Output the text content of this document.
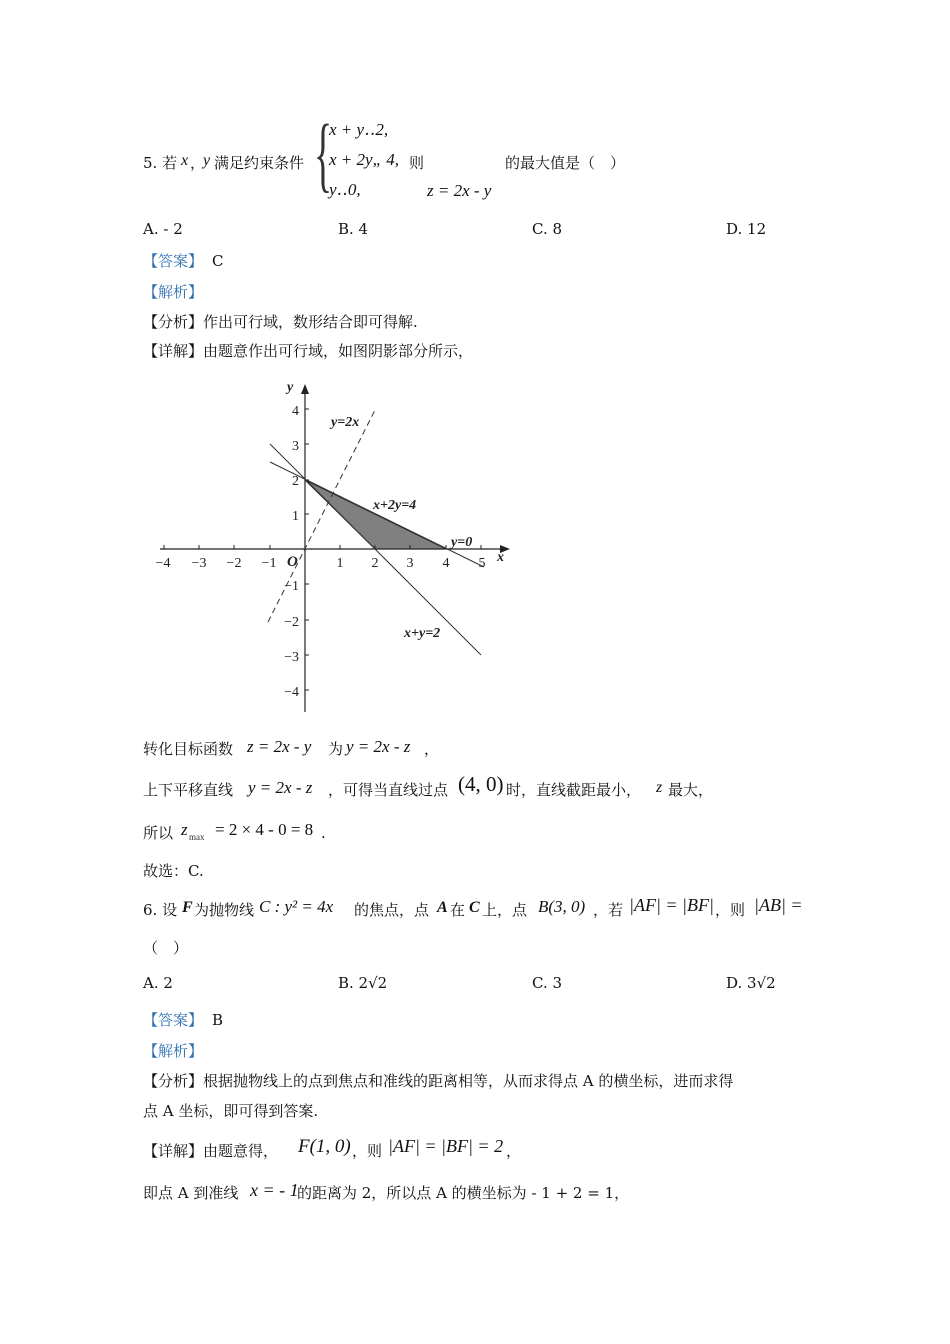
5. 若 x ，
y 满足约束条件 {
x + y‥2,
x + 2y„ 4,
y‥0,
则
z = 2x - y
的最大值是（　）
A. - 2	B. 4	C. 8	D. 12
【答案】 C
【解析】
【分析】作出可行域，数形结合即可得解.
【详解】由题意作出可行域，如图阴影部分所示，
−4 −3 −2 −1	1 2 3 4 5
4
3
2
1
−1
−2
−3
−4
O	x
y
y=2x
x+2y=4
y=0
x+y=2
转化目标函数 z = 2x - y 为 y = 2x - z ，
上下平移直线 y = 2x - z ，可得当直线过点 (4, 0) 时，直线截距最小， z 最大，
所以 z max = 2 × 4 - 0 = 8 .
故选：C.
6. 设 F 为抛物线 C : y² = 4x 的焦点，点 A 在 C 上，点 B(3, 0) ，若 |AF| = |BF| ，则 |AB| =
（　）
A. 2	B. 2√2	C. 3	D. 3√2
【答案】 B
【解析】
【分析】根据抛物线上的点到焦点和准线的距离相等，从而求得点 A 的横坐标，进而求得
点 A 坐标，即可得到答案.
【详解】由题意得， F(1, 0) ，则 |AF| = |BF| = 2 ，
即点 A 到准线 x = - 1
的距离为 2，所以点 A 的横坐标为 - 1 + 2 = 1，
